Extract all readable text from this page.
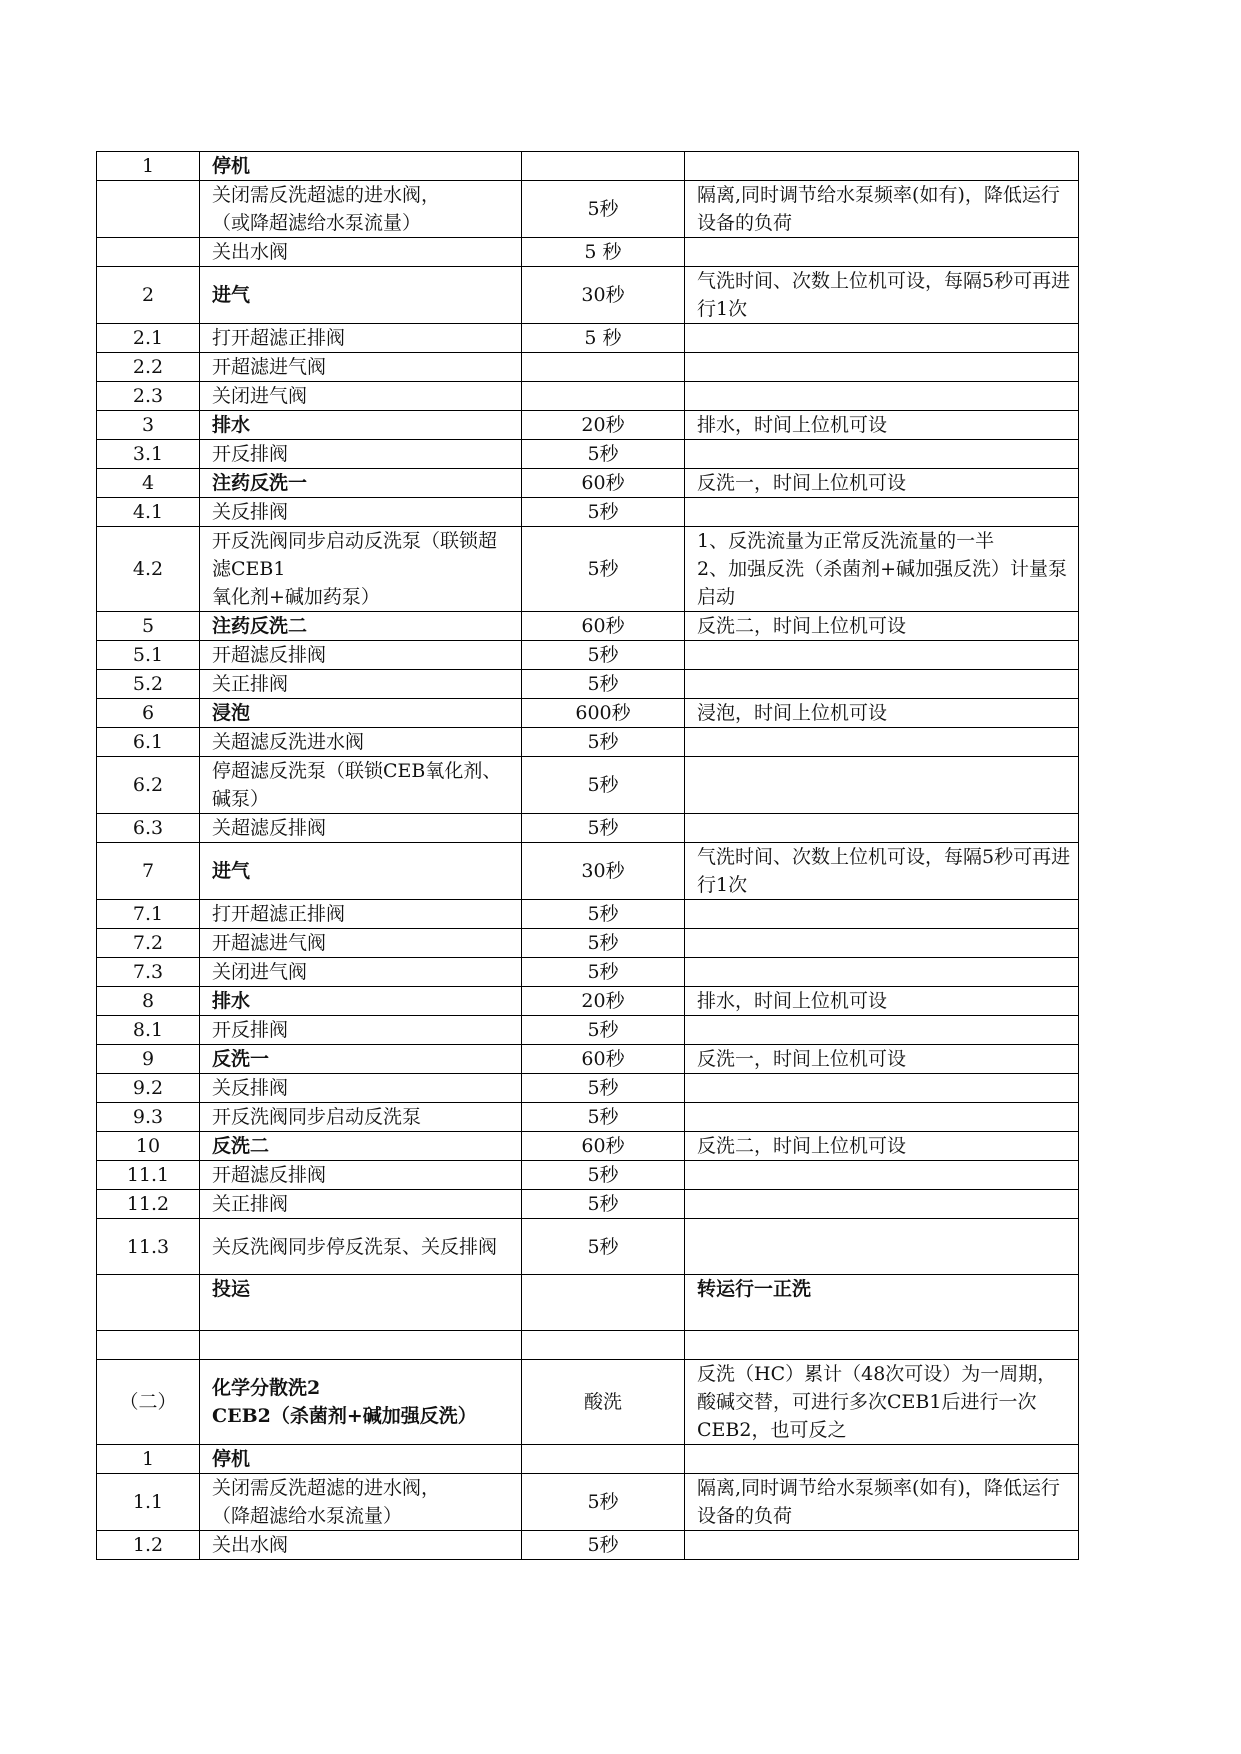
1	停机		
	关闭需反洗超滤的进水阀，
（或降超滤给水泵流量）	5秒	隔离,同时调节给水泵频率(如有)，降低运行设备的负荷
	关出水阀	5 秒	
2	进气	30秒	气洗时间、次数上位机可设，每隔5秒可再进行1次
2.1	打开超滤正排阀	5 秒	
2.2	开超滤进气阀		
2.3	关闭进气阀		
3	排水	20秒	排水，时间上位机可设
3.1	开反排阀	5秒	
4	注药反洗一	60秒	反洗一，时间上位机可设
4.1	关反排阀	5秒	
4.2	开反洗阀同步启动反洗泵（联锁超滤CEB1
氧化剂+碱加药泵）	5秒	1、反洗流量为正常反洗流量的一半
2、加强反洗（杀菌剂+碱加强反洗）计量泵启动
5	注药反洗二	60秒	反洗二，时间上位机可设
5.1	开超滤反排阀	5秒	
5.2	关正排阀	5秒	
6	浸泡	600秒	浸泡，时间上位机可设
6.1	关超滤反洗进水阀	5秒	
6.2	停超滤反洗泵（联锁CEB氧化剂、碱泵）	5秒	
6.3	关超滤反排阀	5秒	
7	进气	30秒	气洗时间、次数上位机可设，每隔5秒可再进行1次
7.1	打开超滤正排阀	5秒	
7.2	开超滤进气阀	5秒	
7.3	关闭进气阀	5秒	
8	排水	20秒	排水，时间上位机可设
8.1	开反排阀	5秒	
9	反洗一	60秒	反洗一，时间上位机可设
9.2	关反排阀	5秒	
9.3	开反洗阀同步启动反洗泵	5秒	
10	反洗二	60秒	反洗二，时间上位机可设
11.1	开超滤反排阀	5秒	
11.2	关正排阀	5秒	
11.3	关反洗阀同步停反洗泵、关反排阀	5秒	
	投运		转运行一正洗

（二）	化学分散洗2
CEB2（杀菌剂+碱加强反洗）	酸洗	反洗（HC）累计（48次可设）为一周期，酸碱交替，可进行多次CEB1后进行一次CEB2，也可反之
1	停机		
1.1	关闭需反洗超滤的进水阀，
（降超滤给水泵流量）	5秒	隔离,同时调节给水泵频率(如有)，降低运行设备的负荷
1.2	关出水阀	5秒	
